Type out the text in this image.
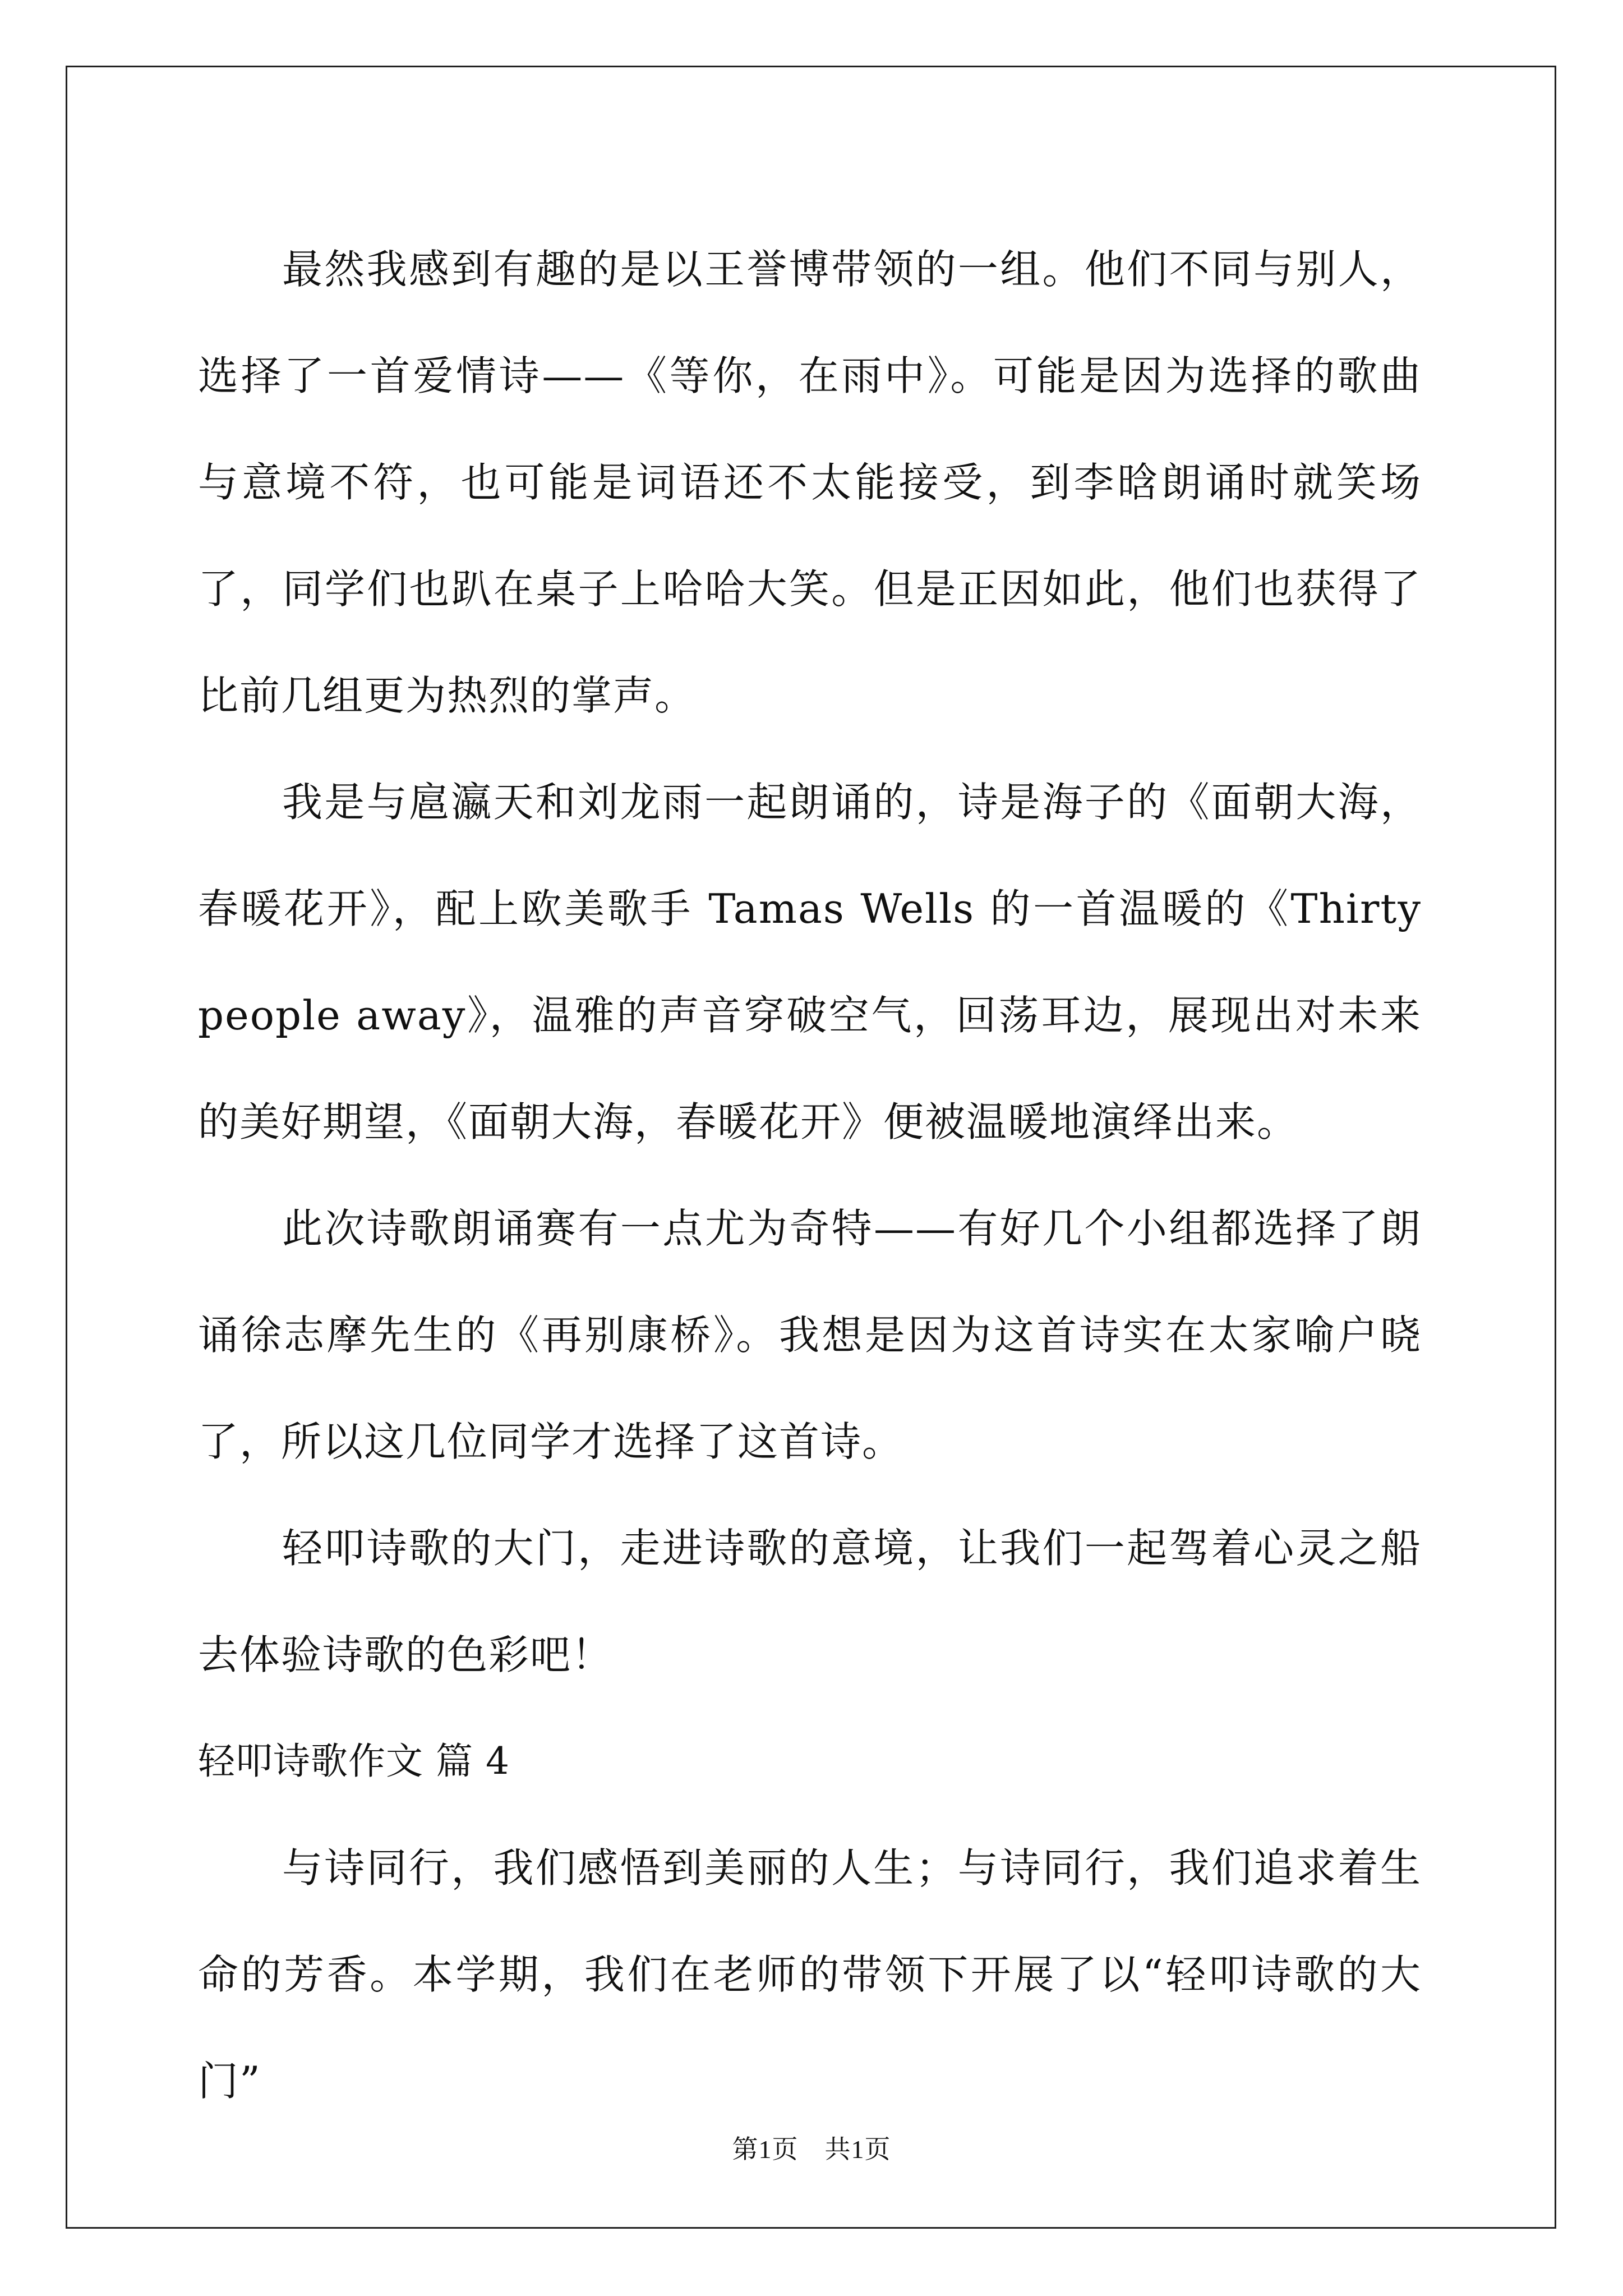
最然我感到有趣的是以王誉博带领的一组。他们不同与别人，选择了一首爱情诗——《等你，在雨中》。可能是因为选择的歌曲与意境不符，也可能是词语还不太能接受，到李晗朗诵时就笑场了，同学们也趴在桌子上哈哈大笑。但是正因如此，他们也获得了比前几组更为热烈的掌声。

我是与扈瀛天和刘龙雨一起朗诵的，诗是海子的《面朝大海，春暖花开》，配上欧美歌手 Tamas Wells 的一首温暖的《Thirty people away》，温雅的声音穿破空气，回荡耳边，展现出对未来的美好期望，《面朝大海，春暖花开》便被温暖地演绎出来。

此次诗歌朗诵赛有一点尤为奇特——有好几个小组都选择了朗诵徐志摩先生的《再别康桥》。我想是因为这首诗实在太家喻户晓了，所以这几位同学才选择了这首诗。

轻叩诗歌的大门，走进诗歌的意境，让我们一起驾着心灵之船去体验诗歌的色彩吧！

轻叩诗歌作文 篇 4

与诗同行，我们感悟到美丽的人生；与诗同行，我们追求着生命的芳香。本学期，我们在老师的带领下开展了以“轻叩诗歌的大门”

第1页　共1页
